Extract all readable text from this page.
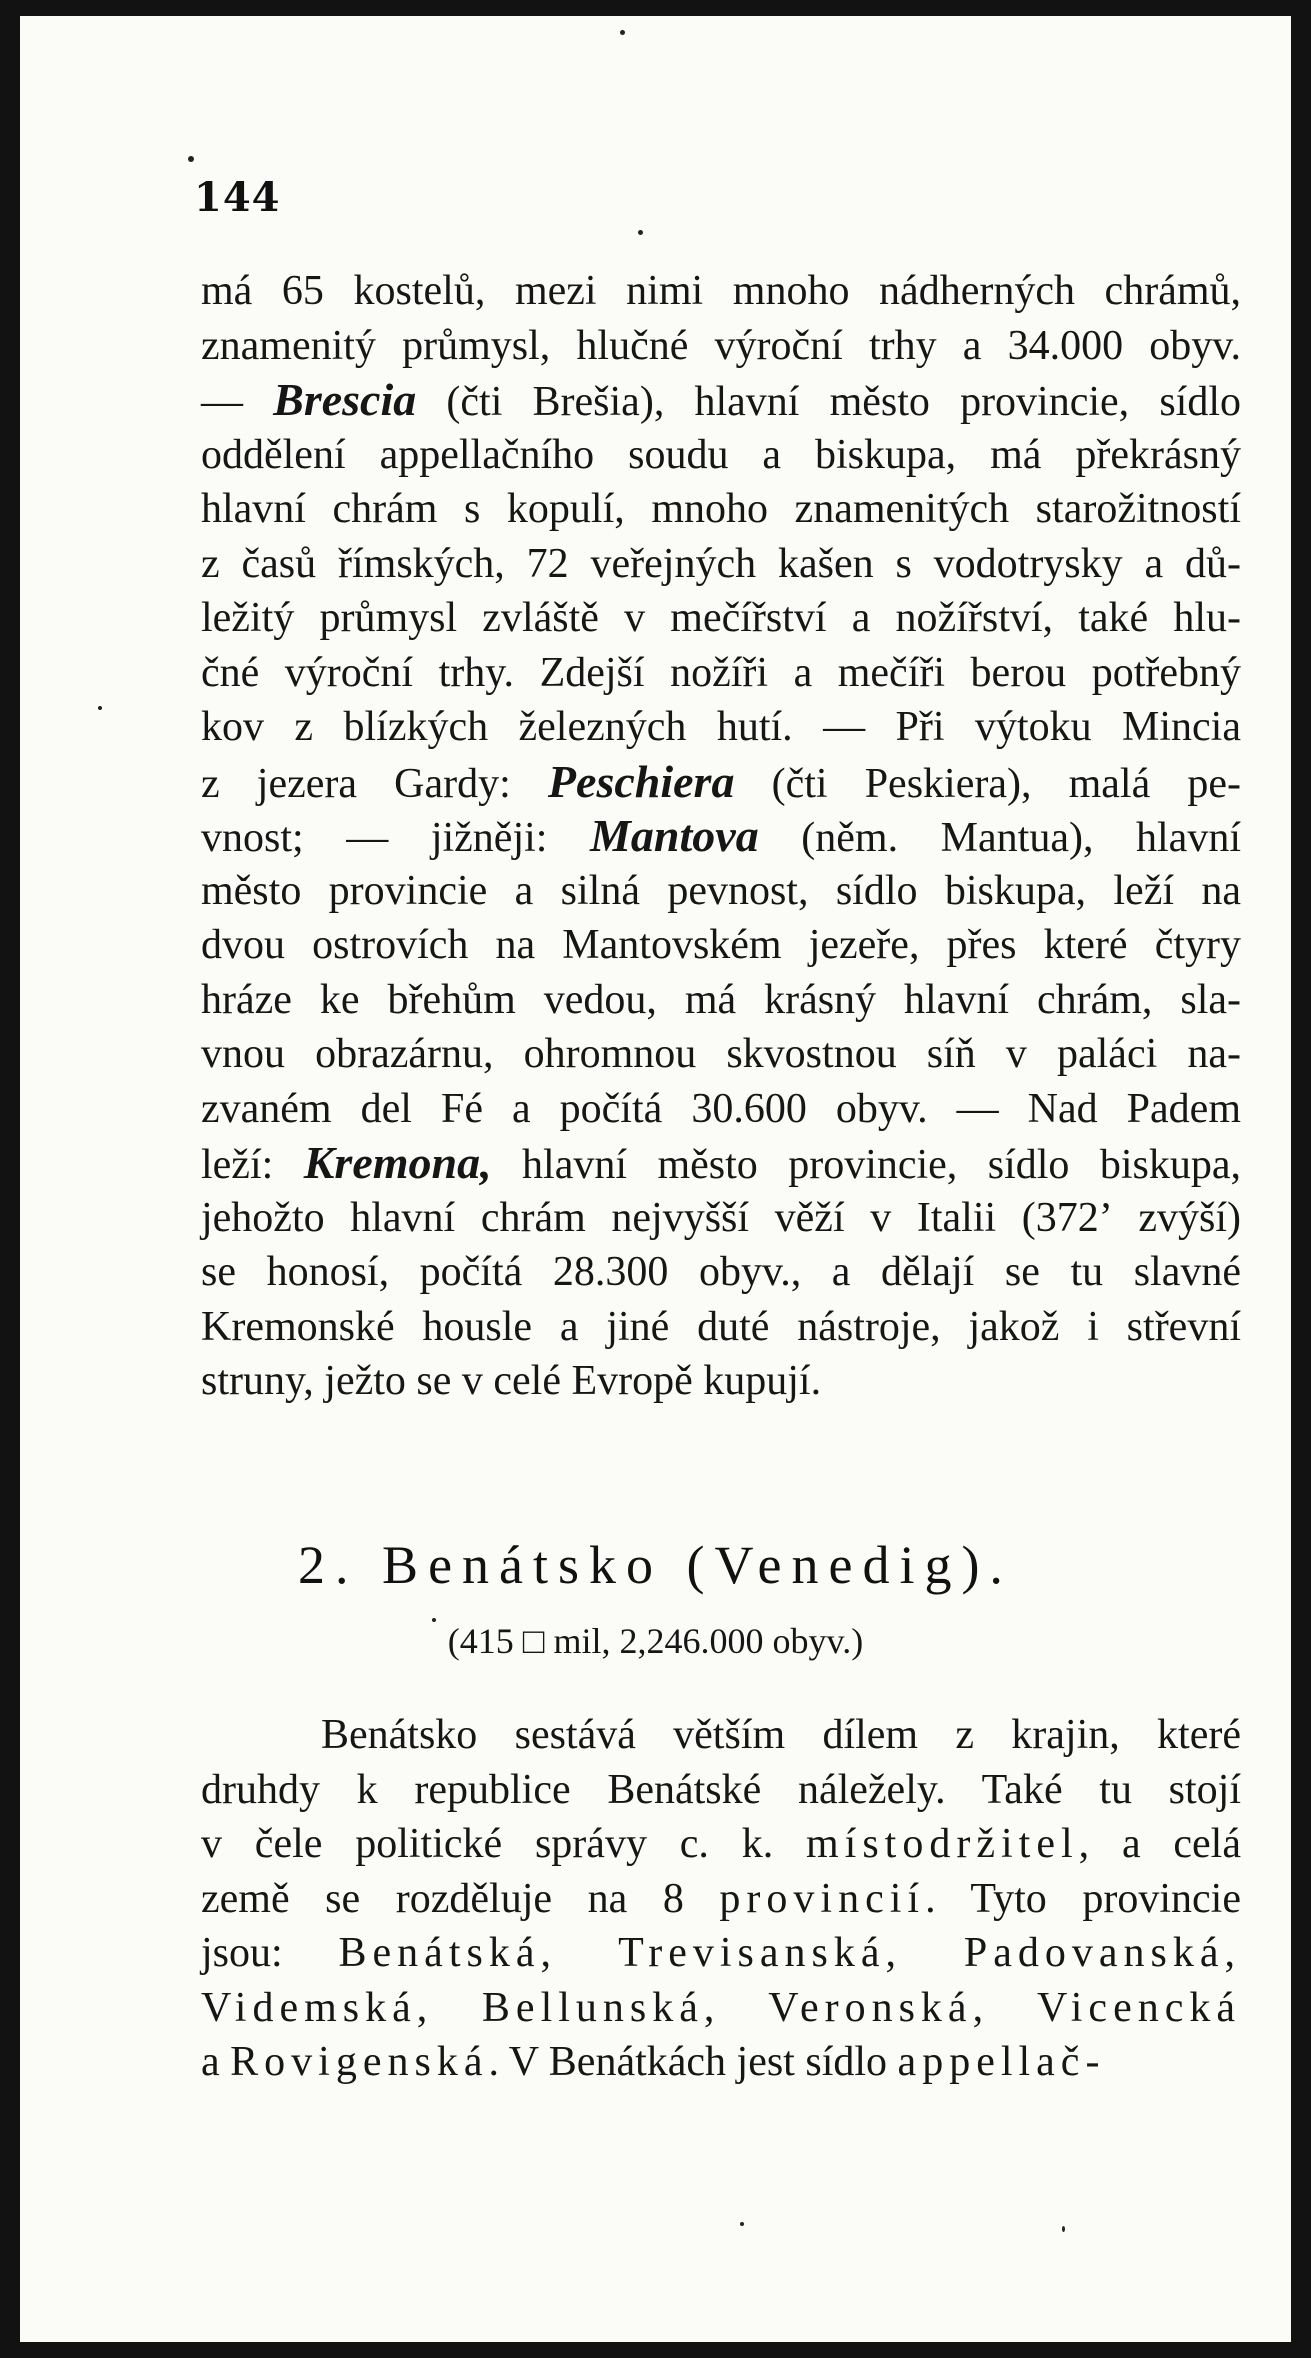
144
má 65 kostelů, mezi nimi mnoho nádherných chrámů,
znamenitý průmysl, hlučné výroční trhy a 34.000 obyv.
— Brescia (čti Brešia), hlavní město provincie, sídlo
oddělení appellačního soudu a biskupa, má překrásný
hlavní chrám s kopulí, mnoho znamenitých starožitností
z časů římských, 72 veřejných kašen s vodotrysky a dů-
ležitý průmysl zvláště v mečířství a nožířství, také hlu-
čné výroční trhy. Zdejší nožíři a mečíři berou potřebný
kov z blízkých železných hutí. — Při výtoku Mincia
z jezera Gardy: Peschiera (čti Peskiera), malá pe-
vnost; — jižněji: Mantova (něm. Mantua), hlavní
město provincie a silná pevnost, sídlo biskupa, leží na
dvou ostrovích na Mantovském jezeře, přes které čtyry
hráze ke břehům vedou, má krásný hlavní chrám, sla-
vnou obrazárnu, ohromnou skvostnou síň v paláci na-
zvaném del Fé a počítá 30.600 obyv. — Nad Padem
leží: Kremona, hlavní město provincie, sídlo biskupa,
jehožto hlavní chrám nejvyšší věží v Italii (372ʼ zvýší)
se honosí, počítá 28.300 obyv., a dělají se tu slavné
Kremonské housle a jiné duté nástroje, jakož i střevní
struny, ježto se v celé Evropě kupují.
2. Benátsko (Venedig).
(415 □ mil, 2,246.000 obyv.)
Benátsko sestává větším dílem z krajin, které
druhdy k republice Benátské náležely. Také tu stojí
v čele politické správy c. k. místodržitel, a celá
země se rozděluje na 8 provincií. Tyto provincie
jsou: Benátská, Trevisanská, Padovanská,
Videmská, Bellunská, Veronská, Vicencká
a Rovigenská. V Benátkách jest sídlo appellač-
